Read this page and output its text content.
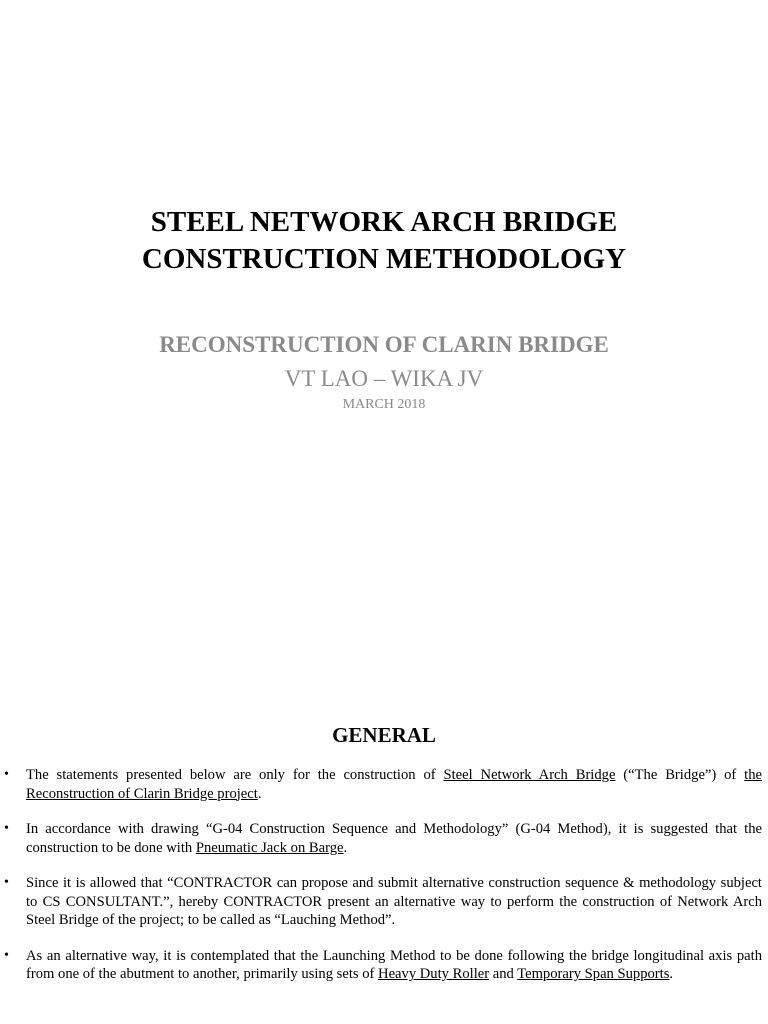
STEEL NETWORK ARCH BRIDGE
CONSTRUCTION METHODOLOGY
RECONSTRUCTION OF CLARIN BRIDGE
VT LAO – WIKA JV
MARCH 2018
GENERAL
• The statements presented below are only for the construction of Steel Network Arch Bridge (“The Bridge”) of the Reconstruction of Clarin Bridge project.
• In accordance with drawing “G-04 Construction Sequence and Methodology” (G-04 Method), it is suggested that the construction to be done with Pneumatic Jack on Barge.
• Since it is allowed that “CONTRACTOR can propose and submit alternative construction sequence & methodology subject to CS CONSULTANT.”, hereby CONTRACTOR present an alternative way to perform the construction of Network Arch Steel Bridge of the project; to be called as “Lauching Method”.
• As an alternative way, it is contemplated that the Launching Method to be done following the bridge longitudinal axis path from one of the abutment to another, primarily using sets of Heavy Duty Roller and Temporary Span Supports.
